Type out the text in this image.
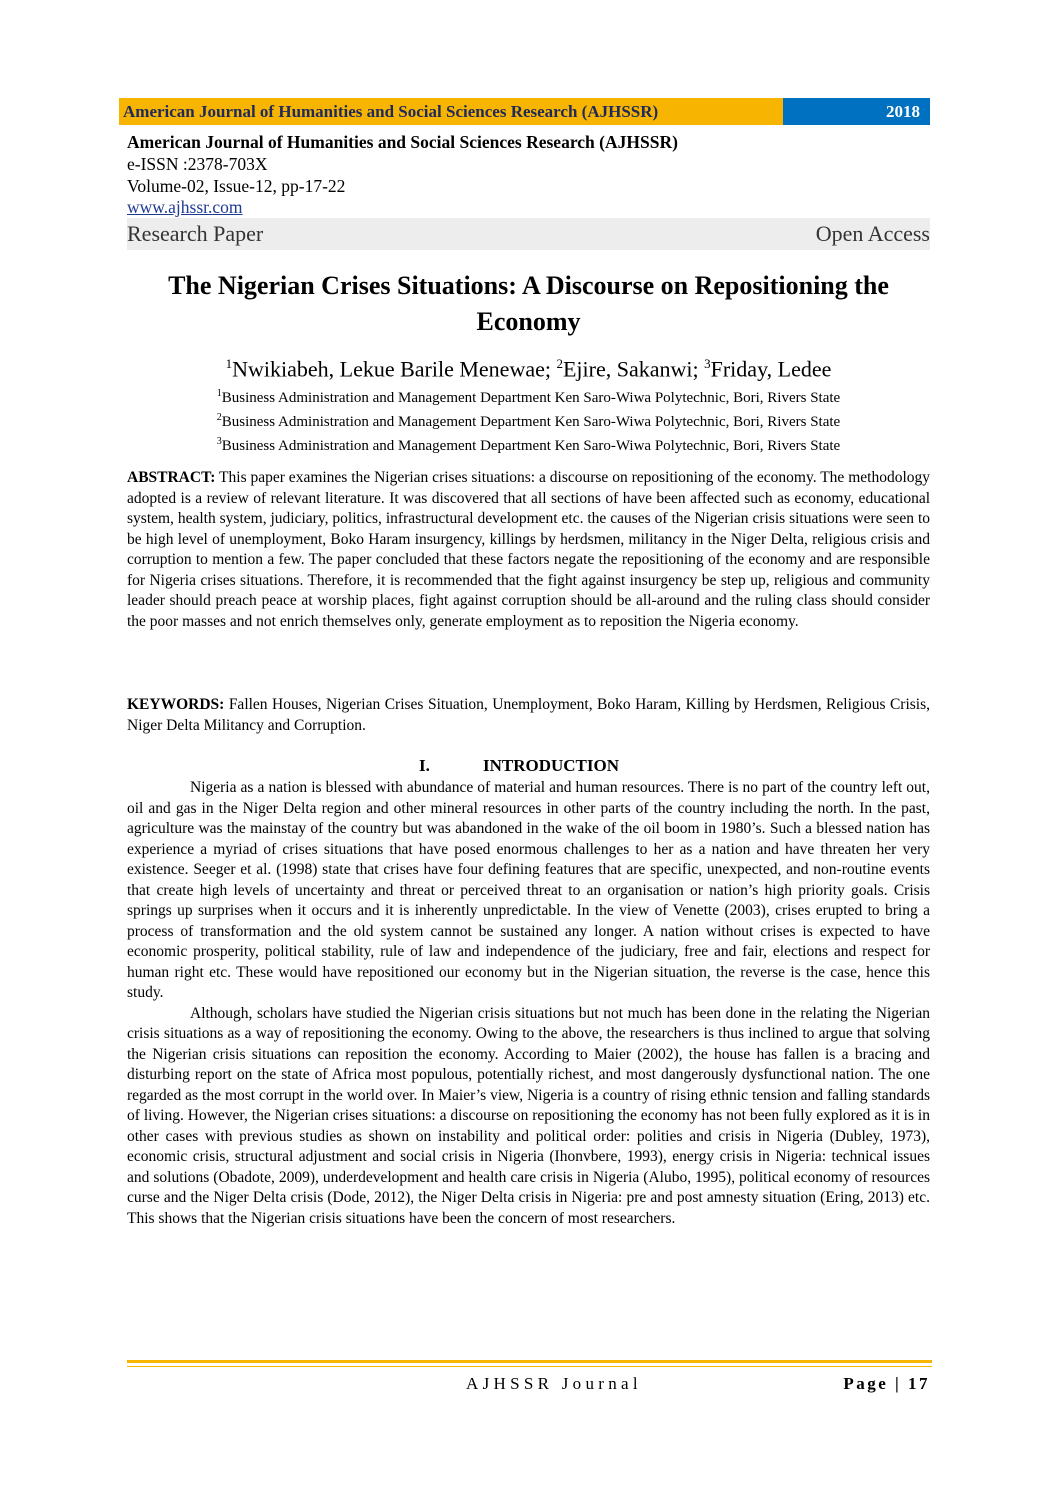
American Journal of Humanities and Social Sciences Research (AJHSSR)	2018
American Journal of Humanities and Social Sciences Research (AJHSSR)
e-ISSN :2378-703X
Volume-02, Issue-12, pp-17-22
www.ajhssr.com
Research Paper	Open Access
The Nigerian Crises Situations: A Discourse on Repositioning the Economy
$^1$Nwikiabeh, Lekue Barile Menewae; $^2$Ejire, Sakanwi; $^3$Friday, Ledee
$^1$Business Administration and Management Department Ken Saro-Wiwa Polytechnic, Bori, Rivers State
$^2$Business Administration and Management Department Ken Saro-Wiwa Polytechnic, Bori, Rivers State
$^3$Business Administration and Management Department Ken Saro-Wiwa Polytechnic, Bori, Rivers State
ABSTRACT: This paper examines the Nigerian crises situations: a discourse on repositioning of the economy. The methodology adopted is a review of relevant literature. It was discovered that all sections of have been affected such as economy, educational system, health system, judiciary, politics, infrastructural development etc. the causes of the Nigerian crisis situations were seen to be high level of unemployment, Boko Haram insurgency, killings by herdsmen, militancy in the Niger Delta, religious crisis and corruption to mention a few. The paper concluded that these factors negate the repositioning of the economy and are responsible for Nigeria crises situations. Therefore, it is recommended that the fight against insurgency be step up, religious and community leader should preach peace at worship places, fight against corruption should be all-around and the ruling class should consider the poor masses and not enrich themselves only, generate employment as to reposition the Nigeria economy.
KEYWORDS: Fallen Houses, Nigerian Crises Situation, Unemployment, Boko Haram, Killing by Herdsmen, Religious Crisis, Niger Delta Militancy and Corruption.
I.	INTRODUCTION

Nigeria as a nation is blessed with abundance of material and human resources. There is no part of the country left out, oil and gas in the Niger Delta region and other mineral resources in other parts of the country including the north. In the past, agriculture was the mainstay of the country but was abandoned in the wake of the oil boom in 1980’s. Such a blessed nation has experience a myriad of crises situations that have posed enormous challenges to her as a nation and have threaten her very existence. Seeger et al. (1998) state that crises have four defining features that are specific, unexpected, and non-routine events that create high levels of uncertainty and threat or perceived threat to an organisation or nation’s high priority goals. Crisis springs up surprises when it occurs and it is inherently unpredictable. In the view of Venette (2003), crises erupted to bring a process of transformation and the old system cannot be sustained any longer. A nation without crises is expected to have economic prosperity, political stability, rule of law and independence of the judiciary, free and fair, elections and respect for human right etc. These would have repositioned our economy but in the Nigerian situation, the reverse is the case, hence this study.

Although, scholars have studied the Nigerian crisis situations but not much has been done in the relating the Nigerian crisis situations as a way of repositioning the economy. Owing to the above, the researchers is thus inclined to argue that solving the Nigerian crisis situations can reposition the economy. According to Maier (2002), the house has fallen is a bracing and disturbing report on the state of Africa most populous, potentially richest, and most dangerously dysfunctional nation. The one regarded as the most corrupt in the world over. In Maier’s view, Nigeria is a country of rising ethnic tension and falling standards of living. However, the Nigerian crises situations: a discourse on repositioning the economy has not been fully explored as it is in other cases with previous studies as shown on instability and political order: polities and crisis in Nigeria (Dubley, 1973), economic crisis, structural adjustment and social crisis in Nigeria (Ihonvbere, 1993), energy crisis in Nigeria: technical issues and solutions (Obadote, 2009), underdevelopment and health care crisis in Nigeria (Alubo, 1995), political economy of resources curse and the Niger Delta crisis (Dode, 2012), the Niger Delta crisis in Nigeria: pre and post amnesty situation (Ering, 2013) etc. This shows that the Nigerian crisis situations have been the concern of most researchers.

AJHSSR Journal	Page | 17
